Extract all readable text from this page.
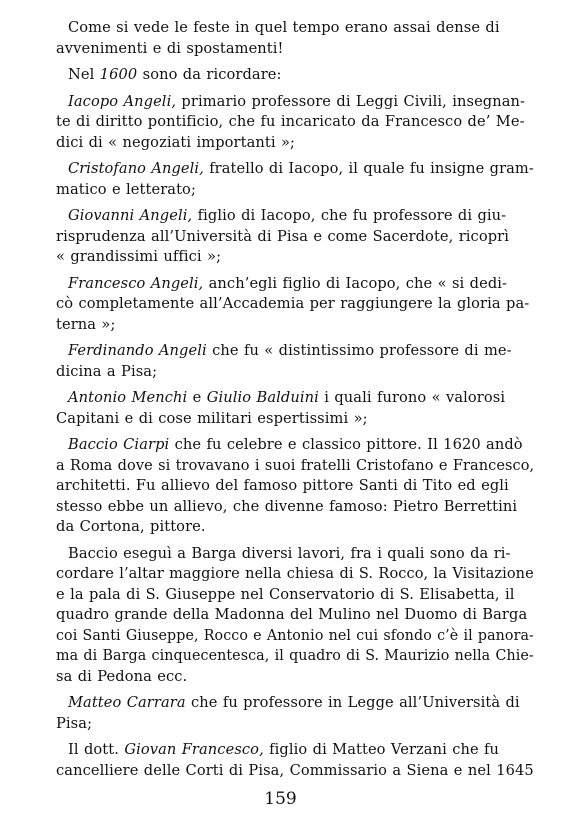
Come si vede le feste in quel tempo erano assai dense di
avvenimenti e di spostamenti!
Nel 1600 sono da ricordare:
Iacopo Angeli, primario professore di Leggi Civili, insegnan-
te di diritto pontificio, che fu incaricato da Francesco de’ Me-
dici di « negoziati importanti »;
Cristofano Angeli, fratello di Iacopo, il quale fu insigne gram-
matico e letterato;
Giovanni Angeli, figlio di Iacopo, che fu professore di giu-
risprudenza all’Università di Pisa e come Sacerdote, ricoprì
« grandissimi uffici »;
Francesco Angeli, anch’egli figlio di Iacopo, che « si dedi-
cò completamente all’Accademia per raggiungere la gloria pa-
terna »;
Ferdinando Angeli che fu « distintissimo professore di me-
dicina a Pisa;
Antonio Menchi e Giulio Balduini i quali furono « valorosi
Capitani e di cose militari espertissimi »;
Baccio Ciarpi che fu celebre e classico pittore. Il 1620 andò
a Roma dove si trovavano i suoi fratelli Cristofano e Francesco,
architetti. Fu allievo del famoso pittore Santi di Tito ed egli
stesso ebbe un allievo, che divenne famoso: Pietro Berrettini
da Cortona, pittore.
Baccio eseguì a Barga diversi lavori, fra i quali sono da ri-
cordare l’altar maggiore nella chiesa di S. Rocco, la Visitazione
e la pala di S. Giuseppe nel Conservatorio di S. Elisabetta, il
quadro grande della Madonna del Mulino nel Duomo di Barga
coi Santi Giuseppe, Rocco e Antonio nel cui sfondo c’è il panora-
ma di Barga cinquecentesca, il quadro di S. Maurizio nella Chie-
sa di Pedona ecc.
Matteo Carrara che fu professore in Legge all’Università di
Pisa;
Il dott. Giovan Francesco, figlio di Matteo Verzani che fu
cancelliere delle Corti di Pisa, Commissario a Siena e nel 1645
159
